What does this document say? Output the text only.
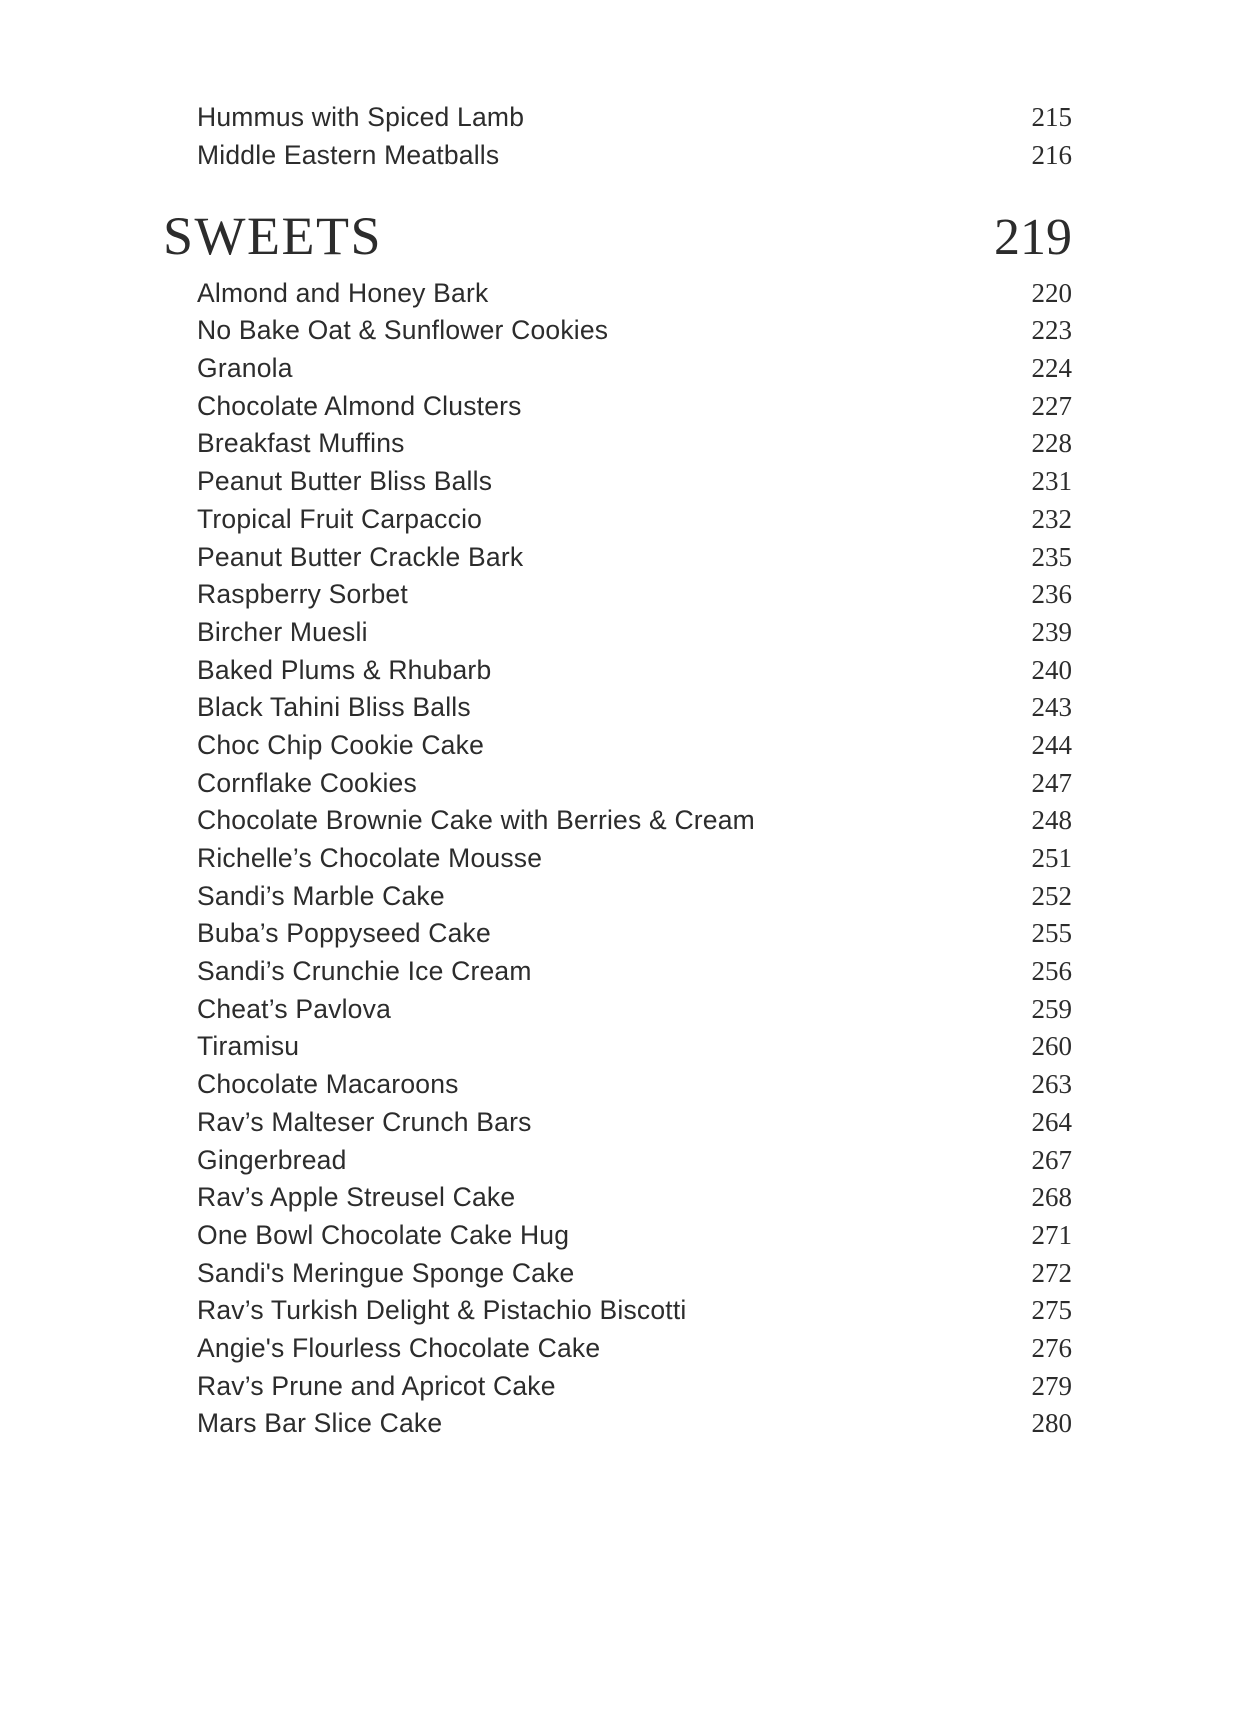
Hummus with Spiced Lamb	215
Middle Eastern Meatballs	216
SWEETS	219
Almond and Honey Bark	220
No Bake Oat & Sunflower Cookies	223
Granola	224
Chocolate Almond Clusters	227
Breakfast Muffins	228
Peanut Butter Bliss Balls	231
Tropical Fruit Carpaccio	232
Peanut Butter Crackle Bark	235
Raspberry Sorbet	236
Bircher Muesli	239
Baked Plums & Rhubarb	240
Black Tahini Bliss Balls	243
Choc Chip Cookie Cake	244
Cornflake Cookies	247
Chocolate Brownie Cake with Berries & Cream	248
Richelle’s Chocolate Mousse	251
Sandi’s Marble Cake	252
Buba’s Poppyseed Cake	255
Sandi’s Crunchie Ice Cream	256
Cheat’s Pavlova	259
Tiramisu	260
Chocolate Macaroons	263
Rav’s Malteser Crunch Bars	264
Gingerbread	267
Rav’s Apple Streusel Cake	268
One Bowl Chocolate Cake Hug	271
Sandi's Meringue Sponge Cake	272
Rav’s Turkish Delight & Pistachio Biscotti	275
Angie's Flourless Chocolate Cake	276
Rav’s Prune and Apricot Cake	279
Mars Bar Slice Cake	280
